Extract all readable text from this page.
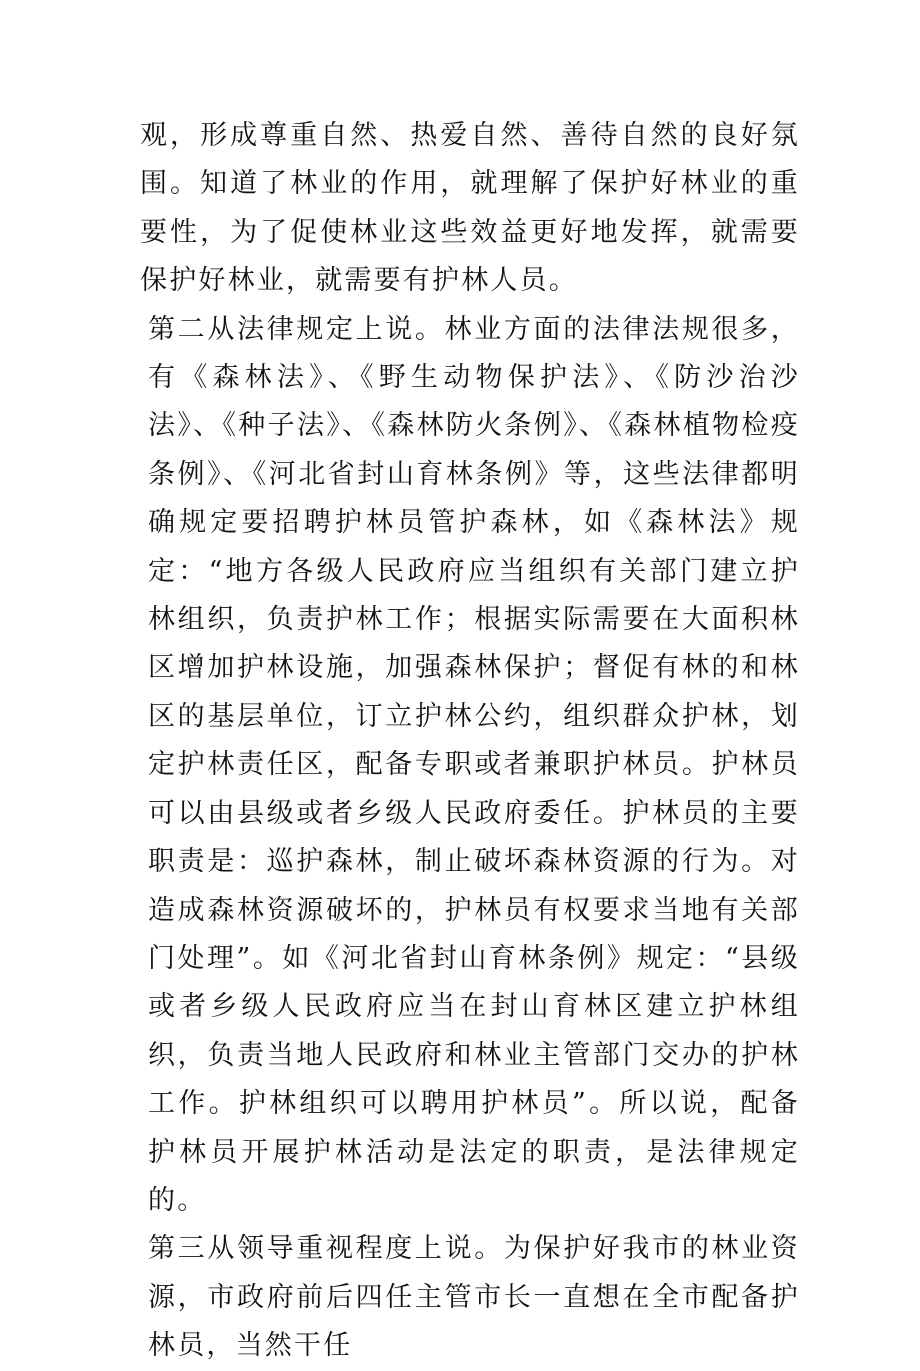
观，形成尊重自然、热爱自然、善待自然的良好氛围。知道了林业的作用，就理解了保护好林业的重要性，为了促使林业这些效益更好地发挥，就需要保护好林业，就需要有护林人员。

第二从法律规定上说。林业方面的法律法规很多，有《森林法》、《野生动物保护法》、《防沙治沙法》、《种子法》、《森林防火条例》、《森林植物检疫条例》、《河北省封山育林条例》等，这些法律都明确规定要招聘护林员管护森林，如《森林法》规定：“地方各级人民政府应当组织有关部门建立护林组织，负责护林工作；根据实际需要在大面积林区增加护林设施，加强森林保护；督促有林的和林区的基层单位，订立护林公约，组织群众护林，划定护林责任区，配备专职或者兼职护林员。护林员可以由县级或者乡级人民政府委任。护林员的主要职责是：巡护森林，制止破坏森林资源的行为。对造成森林资源破坏的，护林员有权要求当地有关部门处理”。如《河北省封山育林条例》规定：“县级或者乡级人民政府应当在封山育林区建立护林组织，负责当地人民政府和林业主管部门交办的护林工作。护林组织可以聘用护林员”。所以说，配备护林员开展护林活动是法定的职责，是法律规定的。

第三从领导重视程度上说。为保护好我市的林业资源，市政府前后四任主管市长一直想在全市配备护林员，当然干任
